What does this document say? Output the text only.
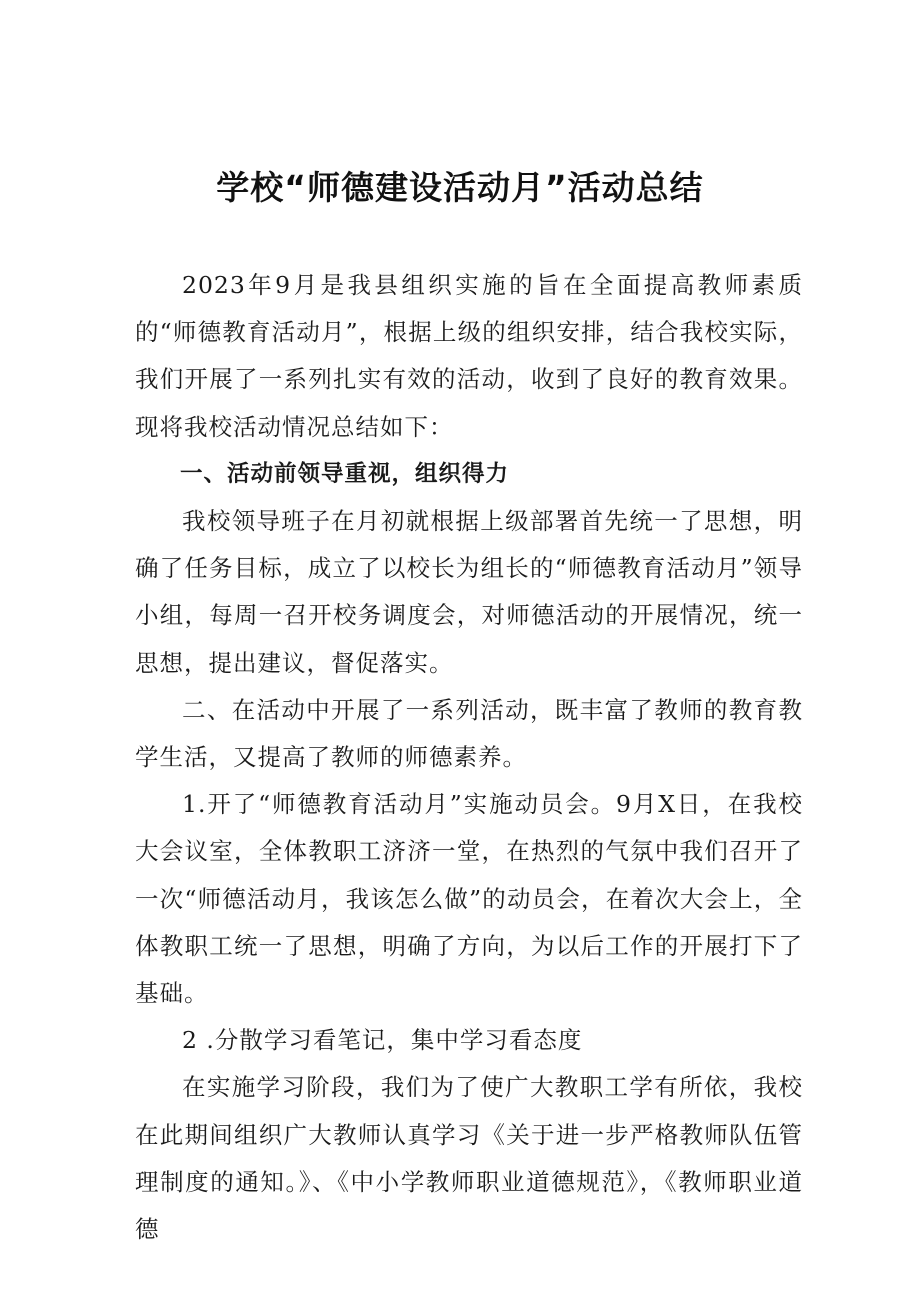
学校“师德建设活动月”活动总结

2023年9月是我县组织实施的旨在全面提高教师素质的“师德教育活动月”，根据上级的组织安排，结合我校实际，我们开展了一系列扎实有效的活动，收到了良好的教育效果。现将我校活动情况总结如下：

一、活动前领导重视，组织得力

我校领导班子在月初就根据上级部署首先统一了思想，明确了任务目标，成立了以校长为组长的“师德教育活动月”领导小组，每周一召开校务调度会，对师德活动的开展情况，统一思想，提出建议，督促落实。

二、在活动中开展了一系列活动，既丰富了教师的教育教学生活，又提高了教师的师德素养。

1.开了“师德教育活动月”实施动员会。9月X日，在我校大会议室，全体教职工济济一堂，在热烈的气氛中我们召开了一次“师德活动月，我该怎么做”的动员会，在着次大会上，全体教职工统一了思想，明确了方向，为以后工作的开展打下了基础。

2 .分散学习看笔记，集中学习看态度

在实施学习阶段，我们为了使广大教职工学有所依，我校在此期间组织广大教师认真学习《关于进一步严格教师队伍管理制度的通知。》、《中小学教师职业道德规范》，《教师职业道德
